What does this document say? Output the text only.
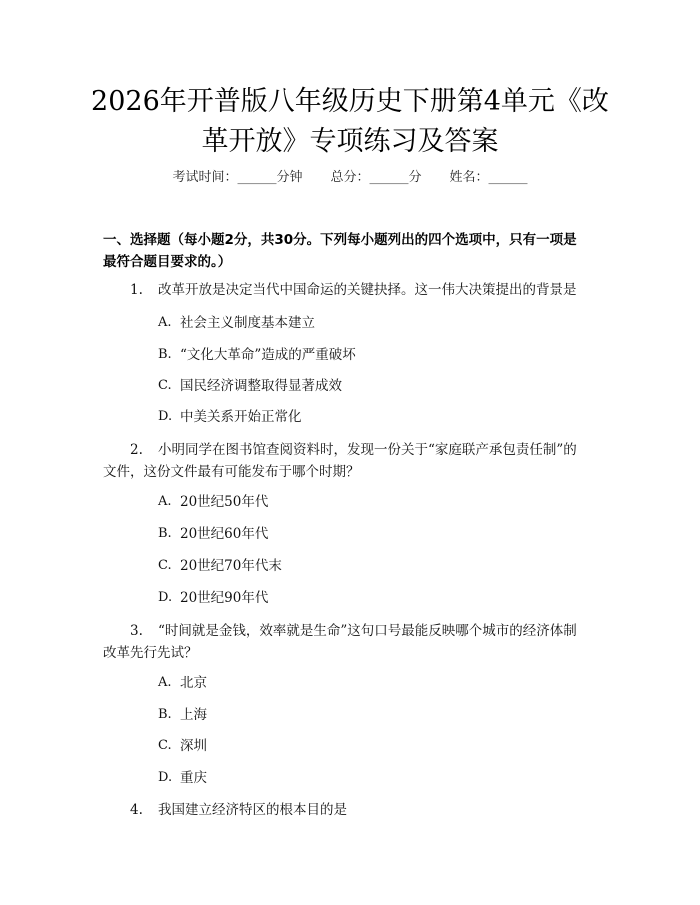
2026年开普版八年级历史下册第4单元《改
革开放》专项练习及答案
考试时间：______分钟 总分：______分 姓名：______
一、选择题（每小题2分，共30分。下列每小题列出的四个选项中，只有一项是
最符合题目要求的。）
1. 改革开放是决定当代中国命运的关键抉择。这一伟大决策提出的背景是
A. 社会主义制度基本建立
B. “文化大革命”造成的严重破坏
C. 国民经济调整取得显著成效
D. 中美关系开始正常化
2. 小明同学在图书馆查阅资料时，发现一份关于“家庭联产承包责任制”的
文件，这份文件最有可能发布于哪个时期？
A. 20世纪50年代
B. 20世纪60年代
C. 20世纪70年代末
D. 20世纪90年代
3. “时间就是金钱，效率就是生命”这句口号最能反映哪个城市的经济体制
改革先行先试？
A. 北京
B. 上海
C. 深圳
D. 重庆
4. 我国建立经济特区的根本目的是
